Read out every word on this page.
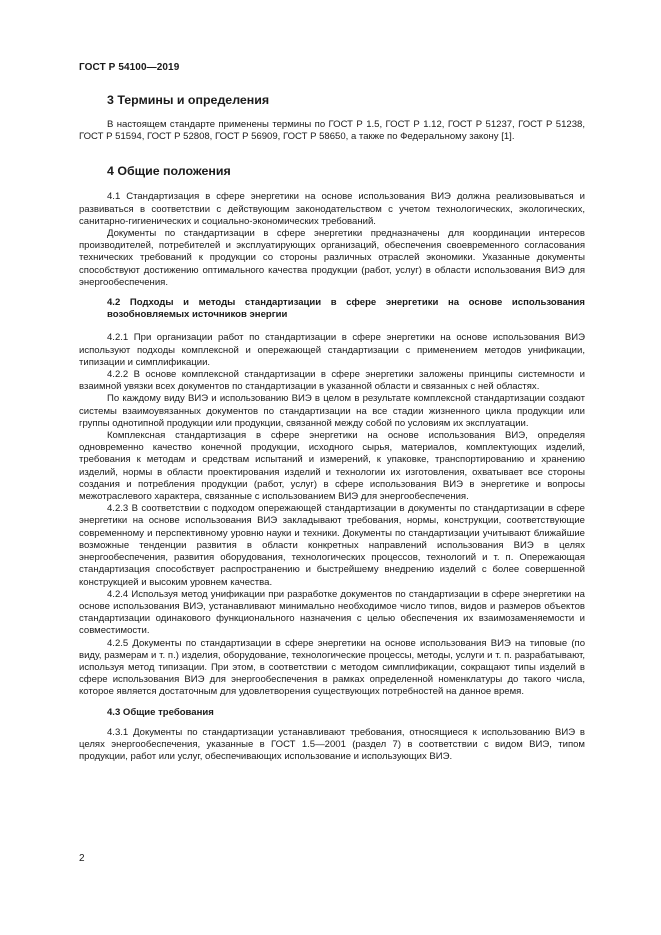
ГОСТ Р 54100—2019
3 Термины и определения

В настоящем стандарте применены термины по ГОСТ Р 1.5, ГОСТ Р 1.12, ГОСТ Р 51237, ГОСТ Р 51238, ГОСТ Р 51594, ГОСТ Р 52808, ГОСТ Р 56909, ГОСТ Р 58650, а также по Федеральному закону [1].

4 Общие положения

4.1 Стандартизация в сфере энергетики на основе использования ВИЭ должна реализовываться и развиваться в соответствии с действующим законодательством с учетом технологических, экологических, санитарно-гигиенических и социально-экономических требований.

Документы по стандартизации в сфере энергетики предназначены для координации интересов производителей, потребителей и эксплуатирующих организаций, обеспечения своевременного согласования технических требований к продукции со стороны различных отраслей экономики. Указанные документы способствуют достижению оптимального качества продукции (работ, услуг) в области использования ВИЭ для энергообеспечения.

4.2 Подходы и методы стандартизации в сфере энергетики на основе использования возобновляемых источников энергии

4.2.1 При организации работ по стандартизации в сфере энергетики на основе использования ВИЭ используют подходы комплексной и опережающей стандартизации с применением методов унификации, типизации и симплификации.

4.2.2 В основе комплексной стандартизации в сфере энергетики заложены принципы системности и взаимной увязки всех документов по стандартизации в указанной области и связанных с ней областях.

По каждому виду ВИЭ и использованию ВИЭ в целом в результате комплексной стандартизации создают системы взаимоувязанных документов по стандартизации на все стадии жизненного цикла продукции или группы однотипной продукции или продукции, связанной между собой по условиям их эксплуатации.

Комплексная стандартизация в сфере энергетики на основе использования ВИЭ, определяя одновременно качество конечной продукции, исходного сырья, материалов, комплектующих изделий, требования к методам и средствам испытаний и измерений, к упаковке, транспортированию и хранению изделий, нормы в области проектирования изделий и технологии их изготовления, охватывает все стороны создания и потребления продукции (работ, услуг) в сфере использования ВИЭ в энергетике и вопросы межотраслевого характера, связанные с использованием ВИЭ для энергообеспечения.

4.2.3 В соответствии с подходом опережающей стандартизации в документы по стандартизации в сфере энергетики на основе использования ВИЭ закладывают требования, нормы, конструкции, соответствующие современному и перспективному уровню науки и техники. Документы по стандартизации учитывают ближайшие возможные тенденции развития в области конкретных направлений использования ВИЭ в целях энергообеспечения, развития оборудования, технологических процессов, технологий и т. п. Опережающая стандартизация способствует распространению и быстрейшему внедрению изделий с более совершенной конструкцией и высоким уровнем качества.

4.2.4 Используя метод унификации при разработке документов по стандартизации в сфере энергетики на основе использования ВИЭ, устанавливают минимально необходимое число типов, видов и размеров объектов стандартизации одинакового функционального назначения с целью обеспечения их взаимозаменяемости и совместимости.

4.2.5 Документы по стандартизации в сфере энергетики на основе использования ВИЭ на типовые (по виду, размерам и т. п.) изделия, оборудование, технологические процессы, методы, услуги и т. п. разрабатывают, используя метод типизации. При этом, в соответствии с методом симплификации, сокращают типы изделий в сфере использования ВИЭ для энергообеспечения в рамках определенной номенклатуры до такого числа, которое является достаточным для удовлетворения существующих потребностей на данное время.

4.3 Общие требования

4.3.1 Документы по стандартизации устанавливают требования, относящиеся к использованию ВИЭ в целях энергообеспечения, указанные в ГОСТ 1.5—2001 (раздел 7) в соответствии с видом ВИЭ, типом продукции, работ или услуг, обеспечивающих использование и использующих ВИЭ.

2
